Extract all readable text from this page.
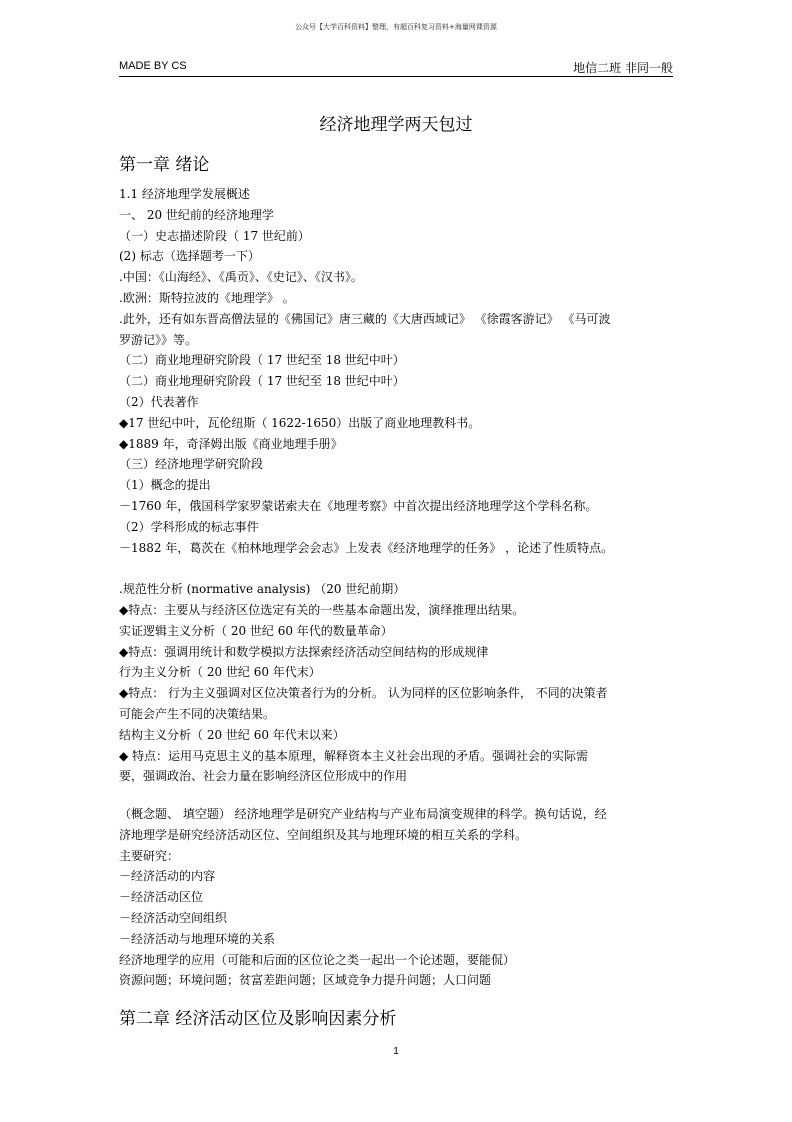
公众号【大学百科资料】整理，有超百科复习资料+海量网课资源
MADE BY CS	地信二班 非同一般
经济地理学两天包过
第一章 绪论
1.1 经济地理学发展概述
一、 20 世纪前的经济地理学
（一）史志描述阶段（ 17 世纪前）
(2) 标志（选择题考一下）
.中国：《山海经》、《禹贡》、《史记》、《汉书》。
.欧洲：斯特拉波的《地理学》 。
.此外，还有如东晋高僧法显的《佛国记》唐三藏的《大唐西域记》 《徐霞客游记》 《马可波
罗游记》》等。
（二）商业地理研究阶段（ 17 世纪至 18 世纪中叶）
（二）商业地理研究阶段（ 17 世纪至 18 世纪中叶）
（2）代表著作
◆17 世纪中叶，瓦伦纽斯（ 1622-1650）出版了商业地理教科书。
◆1889 年，奇泽姆出版《商业地理手册》
（三）经济地理学研究阶段
（1）概念的提出
－1760 年，俄国科学家罗蒙诺索夫在《地理考察》中首次提出经济地理学这个学科名称。
（2）学科形成的标志事件
－1882 年，葛茨在《柏林地理学会会志》上发表《经济地理学的任务》 ，论述了性质特点。
.规范性分析 (normative analysis) （20 世纪前期）
◆特点：主要从与经济区位选定有关的一些基本命题出发，演绎推理出结果。
实证逻辑主义分析（ 20 世纪 60 年代的数量革命）
◆特点：强调用统计和数学模拟方法探索经济活动空间结构的形成规律
行为主义分析（ 20 世纪 60 年代末）
◆特点： 行为主义强调对区位决策者行为的分析。 认为同样的区位影响条件， 不同的决策者
可能会产生不同的决策结果。
结构主义分析（ 20 世纪 60 年代末以来）
◆ 特点：运用马克思主义的基本原理，解释资本主义社会出现的矛盾。强调社会的实际需
要，强调政治、社会力量在影响经济区位形成中的作用
（概念题、 填空题） 经济地理学是研究产业结构与产业布局演变规律的科学。换句话说，经
济地理学是研究经济活动区位、空间组织及其与地理环境的相互关系的学科。
主要研究：
－经济活动的内容
－经济活动区位
－经济活动空间组织
－经济活动与地理环境的关系
经济地理学的应用（可能和后面的区位论之类一起出一个论述题，要能侃）
资源问题；环境问题；贫富差距问题；区域竞争力提升问题；人口问题
第二章 经济活动区位及影响因素分析
1
